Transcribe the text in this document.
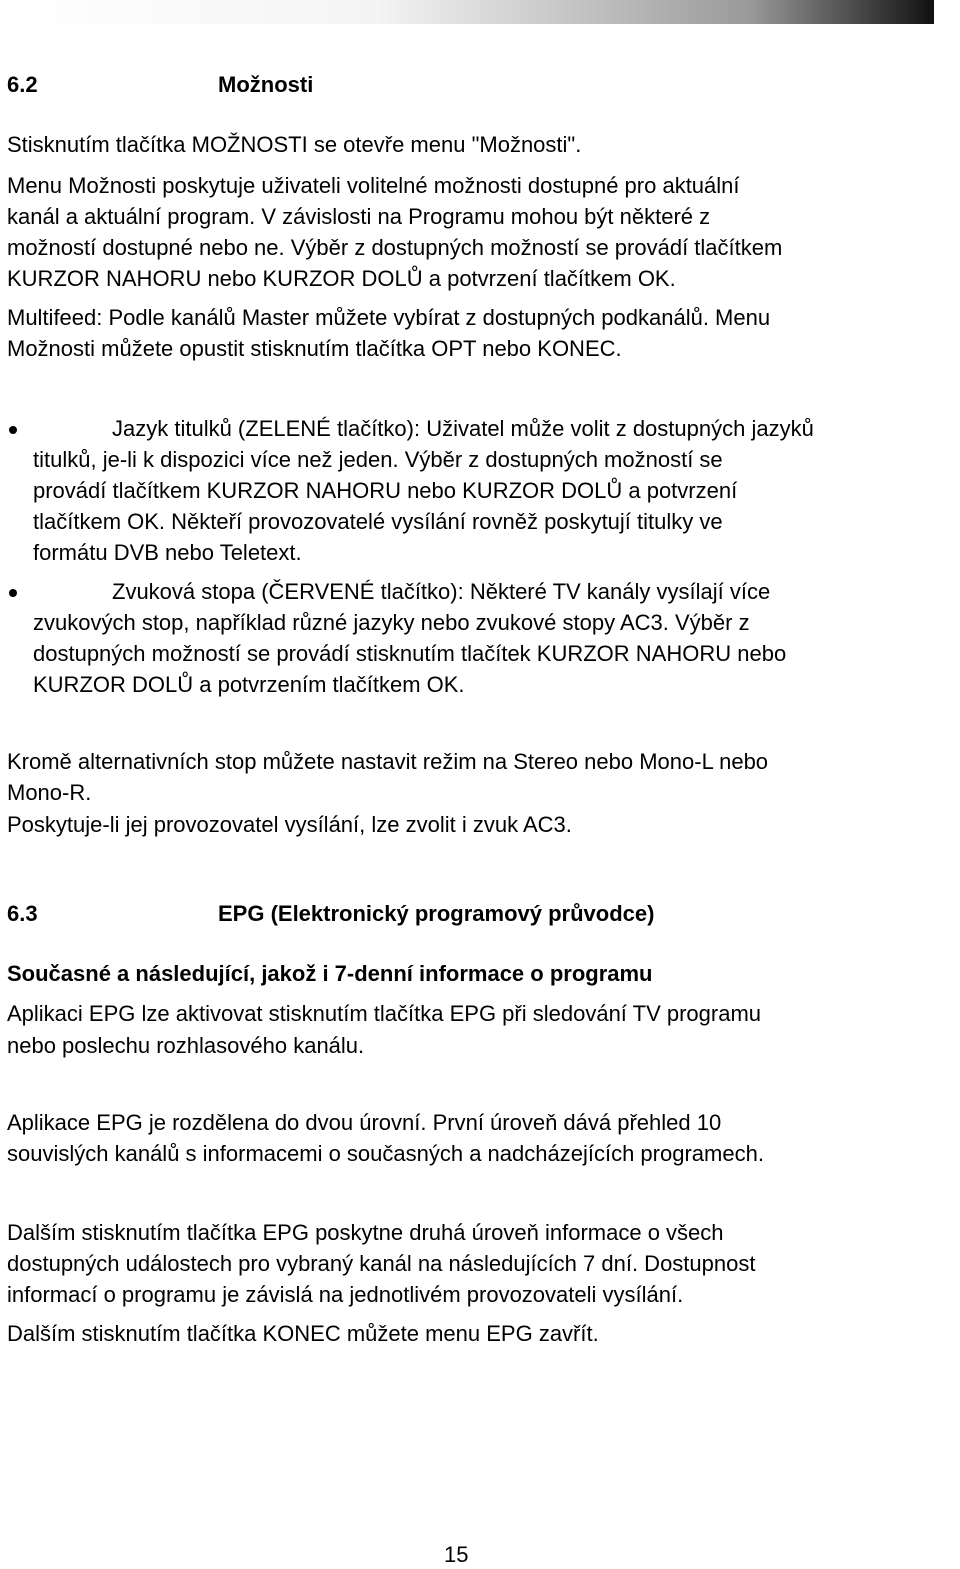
6.2	Možnosti

Stisknutím tlačítka MOŽNOSTI se otevře menu "Možnosti".

Menu Možnosti poskytuje uživateli volitelné možnosti dostupné pro aktuální

kanál a aktuální program. V závislosti na Programu mohou být některé z

možností dostupné nebo ne. Výběr z dostupných možností se provádí tlačítkem

KURZOR NAHORU nebo KURZOR DOLŮ a potvrzení tlačítkem OK.

Multifeed: Podle kanálů Master můžete vybírat z dostupných podkanálů. Menu

Možnosti můžete opustit stisknutím tlačítka OPT nebo KONEC.

Jazyk titulků (ZELENÉ tlačítko): Uživatel může volit z dostupných jazyků

titulků, je-li k dispozici více než jeden. Výběr z dostupných možností se

provádí tlačítkem KURZOR NAHORU nebo KURZOR DOLŮ a potvrzení

tlačítkem OK. Někteří provozovatelé vysílání rovněž poskytují titulky ve

formátu DVB nebo Teletext.

Zvuková stopa (ČERVENÉ tlačítko): Některé TV kanály vysílají více

zvukových stop, například různé jazyky nebo zvukové stopy AC3. Výběr z

dostupných možností se provádí stisknutím tlačítek KURZOR NAHORU nebo

KURZOR DOLŮ a potvrzením tlačítkem OK.

Kromě alternativních stop můžete nastavit režim na Stereo nebo Mono-L nebo

Mono-R.

Poskytuje-li jej provozovatel vysílání, lze zvolit i zvuk AC3.

6.3	EPG (Elektronický programový průvodce)
Současné a následující, jakož i 7-denní informace o programu

Aplikaci EPG lze aktivovat stisknutím tlačítka EPG při sledování TV programu

nebo poslechu rozhlasového kanálu.

Aplikace EPG je rozdělena do dvou úrovní. První úroveň dává přehled 10

souvislých kanálů s informacemi o současných a nadcházejících programech.

Dalším stisknutím tlačítka EPG poskytne druhá úroveň informace o všech

dostupných událostech pro vybraný kanál na následujících 7 dní. Dostupnost

informací o programu je závislá na jednotlivém provozovateli vysílání.

Dalším stisknutím tlačítka KONEC můžete menu EPG zavřít.

15
